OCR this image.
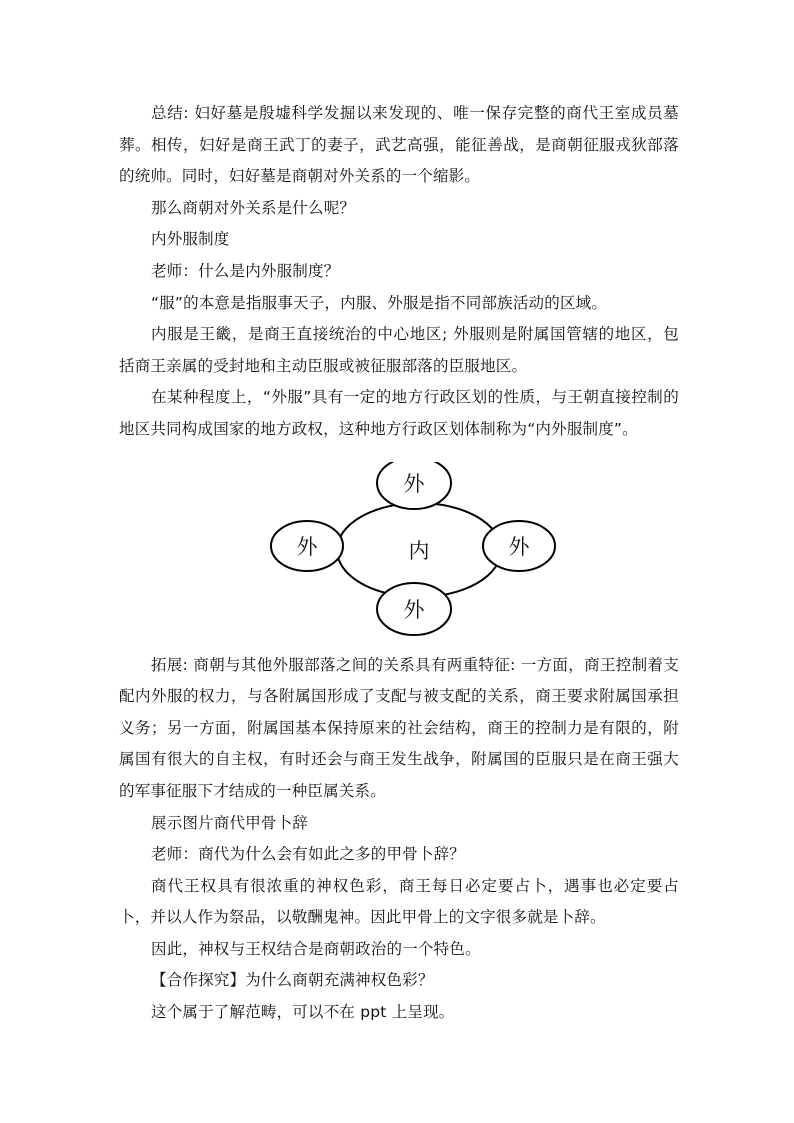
总结: 妇好墓是殷墟科学发掘以来发现的、唯一保存完整的商代王室成员墓葬。相传，妇好是商王武丁的妻子，武艺高强，能征善战，是商朝征服戎狄部落的统帅。同时，妇好墓是商朝对外关系的一个缩影。

那么商朝对外关系是什么呢？

内外服制度

老师：什么是内外服制度？

“服”的本意是指服事天子，内服、外服是指不同部族活动的区域。

内服是王畿，是商王直接统治的中心地区; 外服则是附属国管辖的地区，包括商王亲属的受封地和主动臣服或被征服部落的臣服地区。

在某种程度上，“外服”具有一定的地方行政区划的性质，与王朝直接控制的地区共同构成国家的地方政权，这种地方行政区划体制称为“内外服制度”。

内
外
外	外
外

拓展: 商朝与其他外服部落之间的关系具有两重特征: 一方面，商王控制着支配内外服的权力，与各附属国形成了支配与被支配的关系，商王要求附属国承担义务；另一方面，附属国基本保持原来的社会结构，商王的控制力是有限的，附属国有很大的自主权，有时还会与商王发生战争，附属国的臣服只是在商王强大的军事征服下才结成的一种臣属关系。

展示图片商代甲骨卜辞

老师：商代为什么会有如此之多的甲骨卜辞？

商代王权具有很浓重的神权色彩，商王每日必定要占卜，遇事也必定要占卜，并以人作为祭品，以敬酬鬼神。因此甲骨上的文字很多就是卜辞。

因此，神权与王权结合是商朝政治的一个特色。

【合作探究】为什么商朝充满神权色彩？

这个属于了解范畴，可以不在 ppt 上呈现。
